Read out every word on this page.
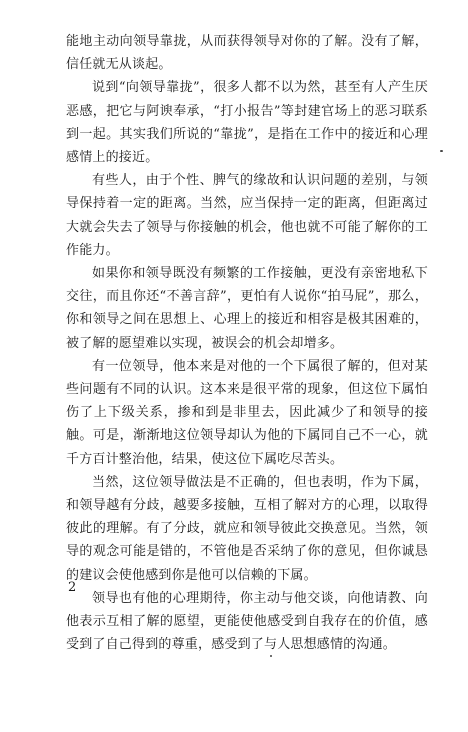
能地主动向领导靠拢，从而获得领导对你的了解。没有了解，信任就无从谈起。

说到“向领导靠拢”，很多人都不以为然，甚至有人产生厌恶感，把它与阿谀奉承，“打小报告”等封建官场上的恶习联系到一起。其实我们所说的“靠拢”，是指在工作中的接近和心理感情上的接近。

有些人，由于个性、脾气的缘故和认识问题的差别，与领导保持着一定的距离。当然，应当保持一定的距离，但距离过大就会失去了领导与你接触的机会，他也就不可能了解你的工作能力。

如果你和领导既没有频繁的工作接触，更没有亲密地私下交往，而且你还“不善言辞”，更怕有人说你“拍马屁”，那么，你和领导之间在思想上、心理上的接近和相容是极其困难的，被了解的愿望难以实现，被误会的机会却增多。

有一位领导，他本来是对他的一个下属很了解的，但对某些问题有不同的认识。这本来是很平常的现象，但这位下属怕伤了上下级关系，掺和到是非里去，因此减少了和领导的接触。可是，渐渐地这位领导却认为他的下属同自己不一心，就千方百计整治他，结果，使这位下属吃尽苦头。

当然，这位领导做法是不正确的，但也表明，作为下属，和领导越有分歧，越要多接触，互相了解对方的心理，以取得彼此的理解。有了分歧，就应和领导彼此交换意见。当然，领导的观念可能是错的，不管他是否采纳了你的意见，但你诚恳的建议会使他感到你是他可以信赖的下属。

领导也有他的心理期待，你主动与他交谈，向他请教、向他表示互相了解的愿望，更能使他感受到自我存在的价值，感受到了自己得到的尊重，感受到了与人思想感情的沟通。

2
